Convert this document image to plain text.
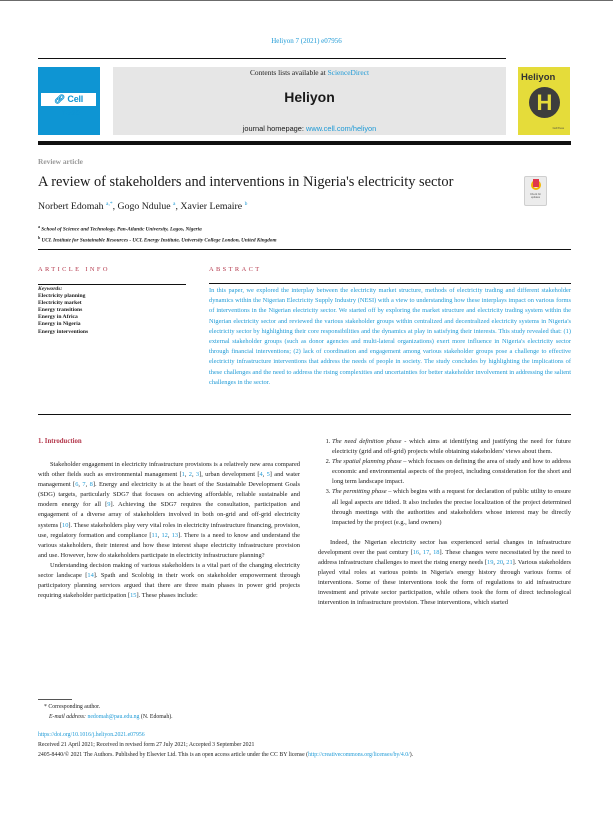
Heliyon 7 (2021) e07956
🔗︎ Cell Press
Contents lists available at ScienceDirect
Heliyon
journal homepage: www.cell.com/heliyon
Heliyon
H
Cell Press
Review article
A review of stakeholders and interventions in Nigeria's electricity sector
Check for
updates
Norbert Edomah $^{a,*}$, Gogo Ndulue $^a$, Xavier Lemaire $^b$
$^a$ School of Science and Technology, Pan-Atlantic University, Lagos, Nigeria
$^b$ UCL Institute for Sustainable Resources - UCL Energy Institute, University College London, United Kingdom
ARTICLE INFO
Keywords:
Electricity planning
Electricity market
Energy transitions
Energy in Africa
Energy in Nigeria
Energy interventions
ABSTRACT
In this paper, we explored the interplay between the electricity market structure, methods of electricity trading and different stakeholder dynamics within the Nigerian Electricity Supply Industry (NESI) with a view to understanding how these interplays impact on various forms of interventions in the Nigerian electricity sector. We started off by exploring the market structure and electricity trading system within the Nigerian electricity sector and reviewed the various stakeholder groups within centralized and decentralized electricity systems in Nigeria's electricity sector by highlighting their core responsibilities and the dynamics at play in satisfying their interests. This study revealed that: (1) external stakeholder groups (such as donor agencies and multi-lateral organizations) exert more influence in Nigeria's electricity sector through financial interventions; (2) lack of coordination and engagement among various stakeholder groups pose a challenge to effective electricity infrastructure interventions that address the needs of people in society. The study concludes by highlighting the implications of these challenges and the need to address the rising complexities and uncertainties for better stakeholder involvement in addressing the salient challenges in the sector.
1. Introduction

Stakeholder engagement in electricity infrastructure provisions is a relatively new area compared with other fields such as environmental management [1, 2, 3], urban development [4, 5] and water management [6, 7, 8]. Energy and electricity is at the heart of the Sustainable Development Goals (SDG) targets, particularly SDG7 that focuses on achieving affordable, reliable sustainable and modern energy for all [9]. Achieving the SDG7 requires the consultation, participation and engagement of a diverse array of stakeholders involved in both on-grid and off-grid electricity systems [10]. These stakeholders play very vital roles in electricity infrastructure financing, provision, use, regulatory formation and compliance [11, 12, 13]. There is a need to know and understand the various stakeholders, their interest and how these interest shape electricity infrastructure provision and use. However, how do stakeholders participate in electricity infrastructure planning?

Understanding decision making of various stakeholders is a vital part of the changing electricity sector landscape [14]. Spath and Scolobig in their work on stakeholder empowerment through participatory planning services argued that there are three main phases in power grid projects requiring stakeholder participation [15]. These phases include:

1. The need definition phase - which aims at identifying and justifying the need for future electricity (grid and off-grid) projects while obtaining stakeholders' views about them.
2. The spatial planning phase – which focuses on defining the area of study and how to address economic and environmental aspects of the project, including consideration for the short and long term landscape impact.
3. The permitting phase – which begins with a request for declaration of public utility to ensure all legal aspects are tidied. It also includes the precise localization of the project determined through meetings with the authorities and stakeholders whose interest may be directly impacted by the project (e.g., land owners)

Indeed, the Nigerian electricity sector has experienced serial changes in infrastructure development over the past century [16, 17, 18]. These changes were necessitated by the need to address infrastructure challenges to meet the rising energy needs [19, 20, 21]. Various stakeholders played vital roles at various points in Nigeria's energy history through various forms of interventions. Some of these interventions took the form of regulations to aid infrastructure investment and private sector participation, while others took the form of direct technological intervention in infrastructure provision. These interventions, which started

* Corresponding author.
E-mail address: nedomah@pau.edu.ng (N. Edomah).
https://doi.org/10.1016/j.heliyon.2021.e07956
Received 21 April 2021; Received in revised form 27 July 2021; Accepted 3 September 2021
2405-8440/© 2021 The Authors. Published by Elsevier Ltd. This is an open access article under the CC BY license (http://creativecommons.org/licenses/by/4.0/).
